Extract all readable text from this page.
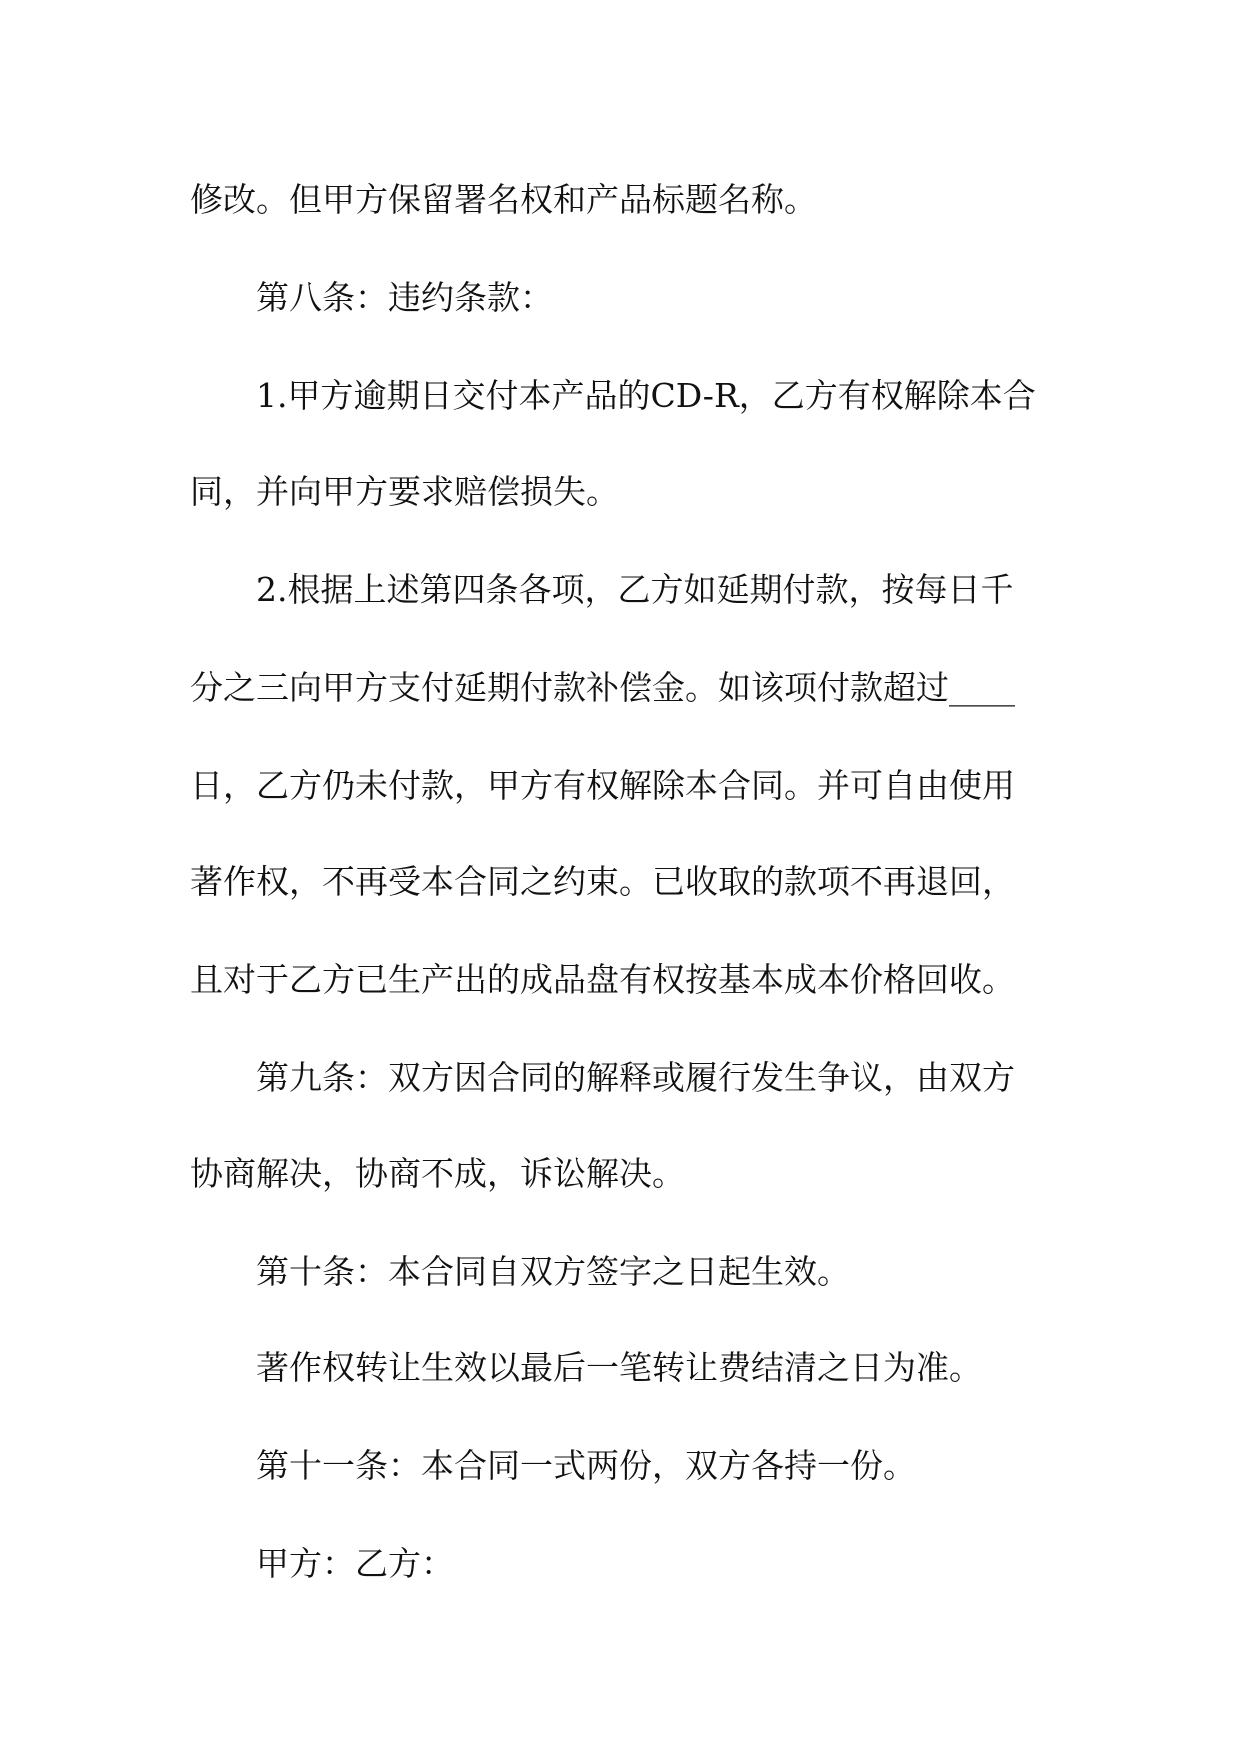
修改。但甲方保留署名权和产品标题名称。

第八条：违约条款：

1.甲方逾期日交付本产品的CD-R，乙方有权解除本合

同，并向甲方要求赔偿损失。

2.根据上述第四条各项，乙方如延期付款，按每日千

分之三向甲方支付延期付款补偿金。如该项付款超过____

日，乙方仍未付款，甲方有权解除本合同。并可自由使用

著作权，不再受本合同之约束。已收取的款项不再退回，

且对于乙方已生产出的成品盘有权按基本成本价格回收。

第九条：双方因合同的解释或履行发生争议，由双方

协商解决，协商不成，诉讼解决。

第十条：本合同自双方签字之日起生效。

著作权转让生效以最后一笔转让费结清之日为准。

第十一条：本合同一式两份，双方各持一份。

甲方：乙方：
